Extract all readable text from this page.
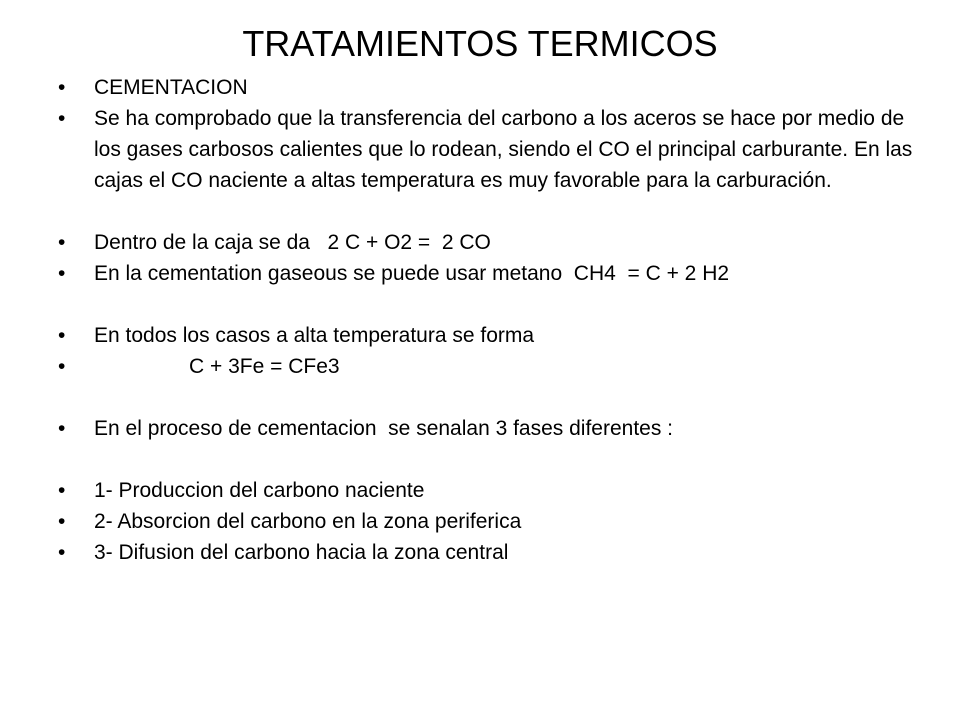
TRATAMIENTOS TERMICOS
•	CEMENTACION
•	Se ha comprobado que la transferencia del carbono a los aceros se hace por medio de los gases carbosos calientes que lo rodean, siendo el CO el principal carburante. En las cajas el CO naciente a altas temperatura es muy favorable para la carburación.
•	Dentro de la caja se da   2 C + O2 =  2 CO
•	En la cementation gaseous se puede usar metano  CH4  = C + 2 H2
•	En todos los casos a alta temperatura se forma
•	C + 3Fe = CFe3
•	En el proceso de cementacion  se senalan 3 fases diferentes :
•	1- Produccion del carbono naciente
•	2- Absorcion del carbono en la zona periferica
•	3- Difusion del carbono hacia la zona central
